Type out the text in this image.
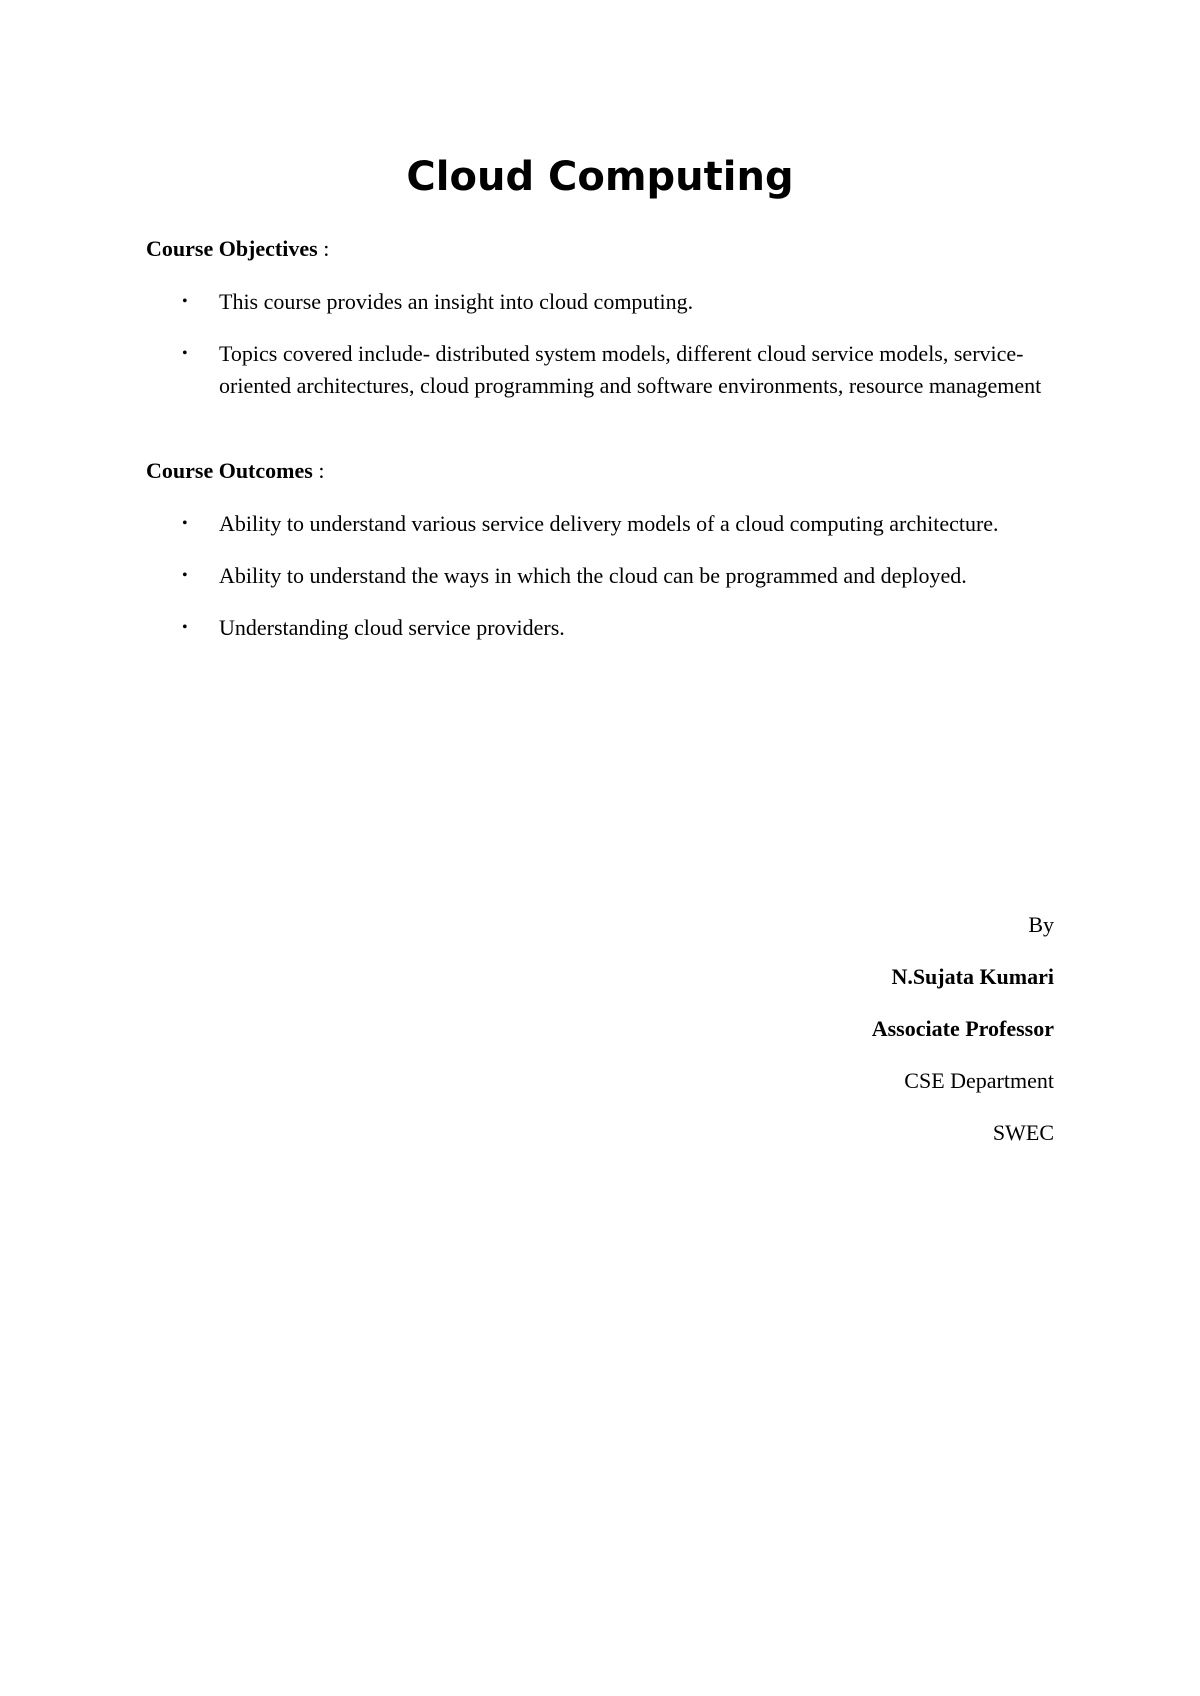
Cloud Computing
Course Objectives :
• This course provides an insight into cloud computing.
• Topics covered include- distributed system models, different cloud service models, service-oriented architectures, cloud programming and software environments, resource management
Course Outcomes :
• Ability to understand various service delivery models of a cloud computing architecture.
• Ability to understand the ways in which the cloud can be programmed and deployed.
• Understanding cloud service providers.
By
N.Sujata Kumari
Associate Professor
CSE Department
SWEC
